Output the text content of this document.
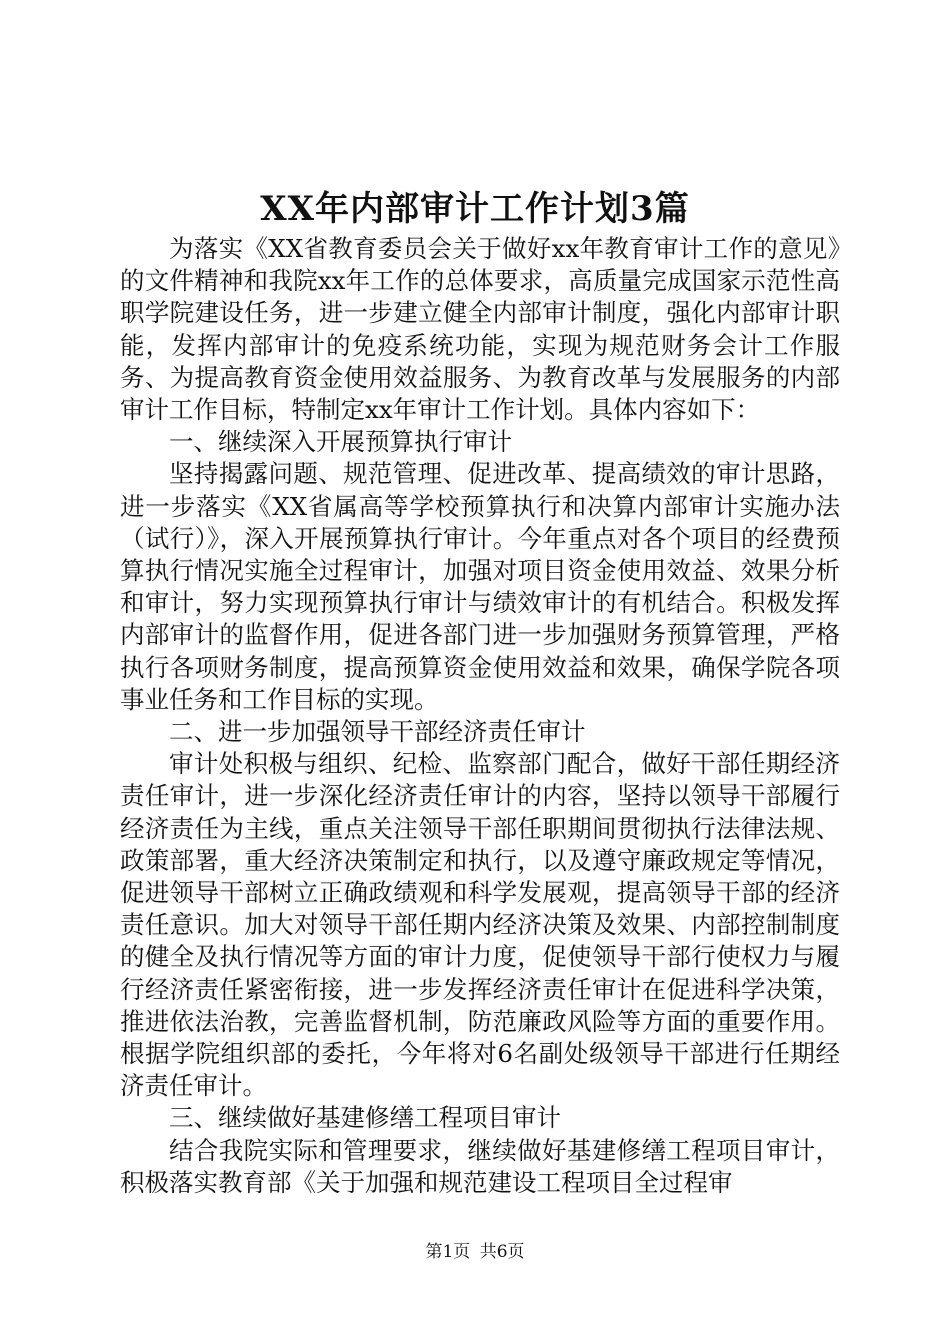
XX年内部审计工作计划3篇

为落实《XX省教育委员会关于做好xx年教育审计工作的意见》的文件精神和我院xx年工作的总体要求，高质量完成国家示范性高职学院建设任务，进一步建立健全内部审计制度，强化内部审计职能，发挥内部审计的免疫系统功能，实现为规范财务会计工作服务、为提高教育资金使用效益服务、为教育改革与发展服务的内部审计工作目标，特制定xx年审计工作计划。具体内容如下：

一、继续深入开展预算执行审计

坚持揭露问题、规范管理、促进改革、提高绩效的审计思路，进一步落实《XX省属高等学校预算执行和决算内部审计实施办法（试行）》，深入开展预算执行审计。今年重点对各个项目的经费预算执行情况实施全过程审计，加强对项目资金使用效益、效果分析和审计，努力实现预算执行审计与绩效审计的有机结合。积极发挥内部审计的监督作用，促进各部门进一步加强财务预算管理，严格执行各项财务制度，提高预算资金使用效益和效果，确保学院各项事业任务和工作目标的实现。

二、进一步加强领导干部经济责任审计

审计处积极与组织、纪检、监察部门配合，做好干部任期经济责任审计，进一步深化经济责任审计的内容，坚持以领导干部履行经济责任为主线，重点关注领导干部任职期间贯彻执行法律法规、政策部署，重大经济决策制定和执行，以及遵守廉政规定等情况，促进领导干部树立正确政绩观和科学发展观，提高领导干部的经济责任意识。加大对领导干部任期内经济决策及效果、内部控制制度的健全及执行情况等方面的审计力度，促使领导干部行使权力与履行经济责任紧密衔接，进一步发挥经济责任审计在促进科学决策，推进依法治教，完善监督机制，防范廉政风险等方面的重要作用。根据学院组织部的委托，今年将对6名副处级领导干部进行任期经济责任审计。

三、继续做好基建修缮工程项目审计

结合我院实际和管理要求，继续做好基建修缮工程项目审计，积极落实教育部《关于加强和规范建设工程项目全过程审

第1页 共6页
